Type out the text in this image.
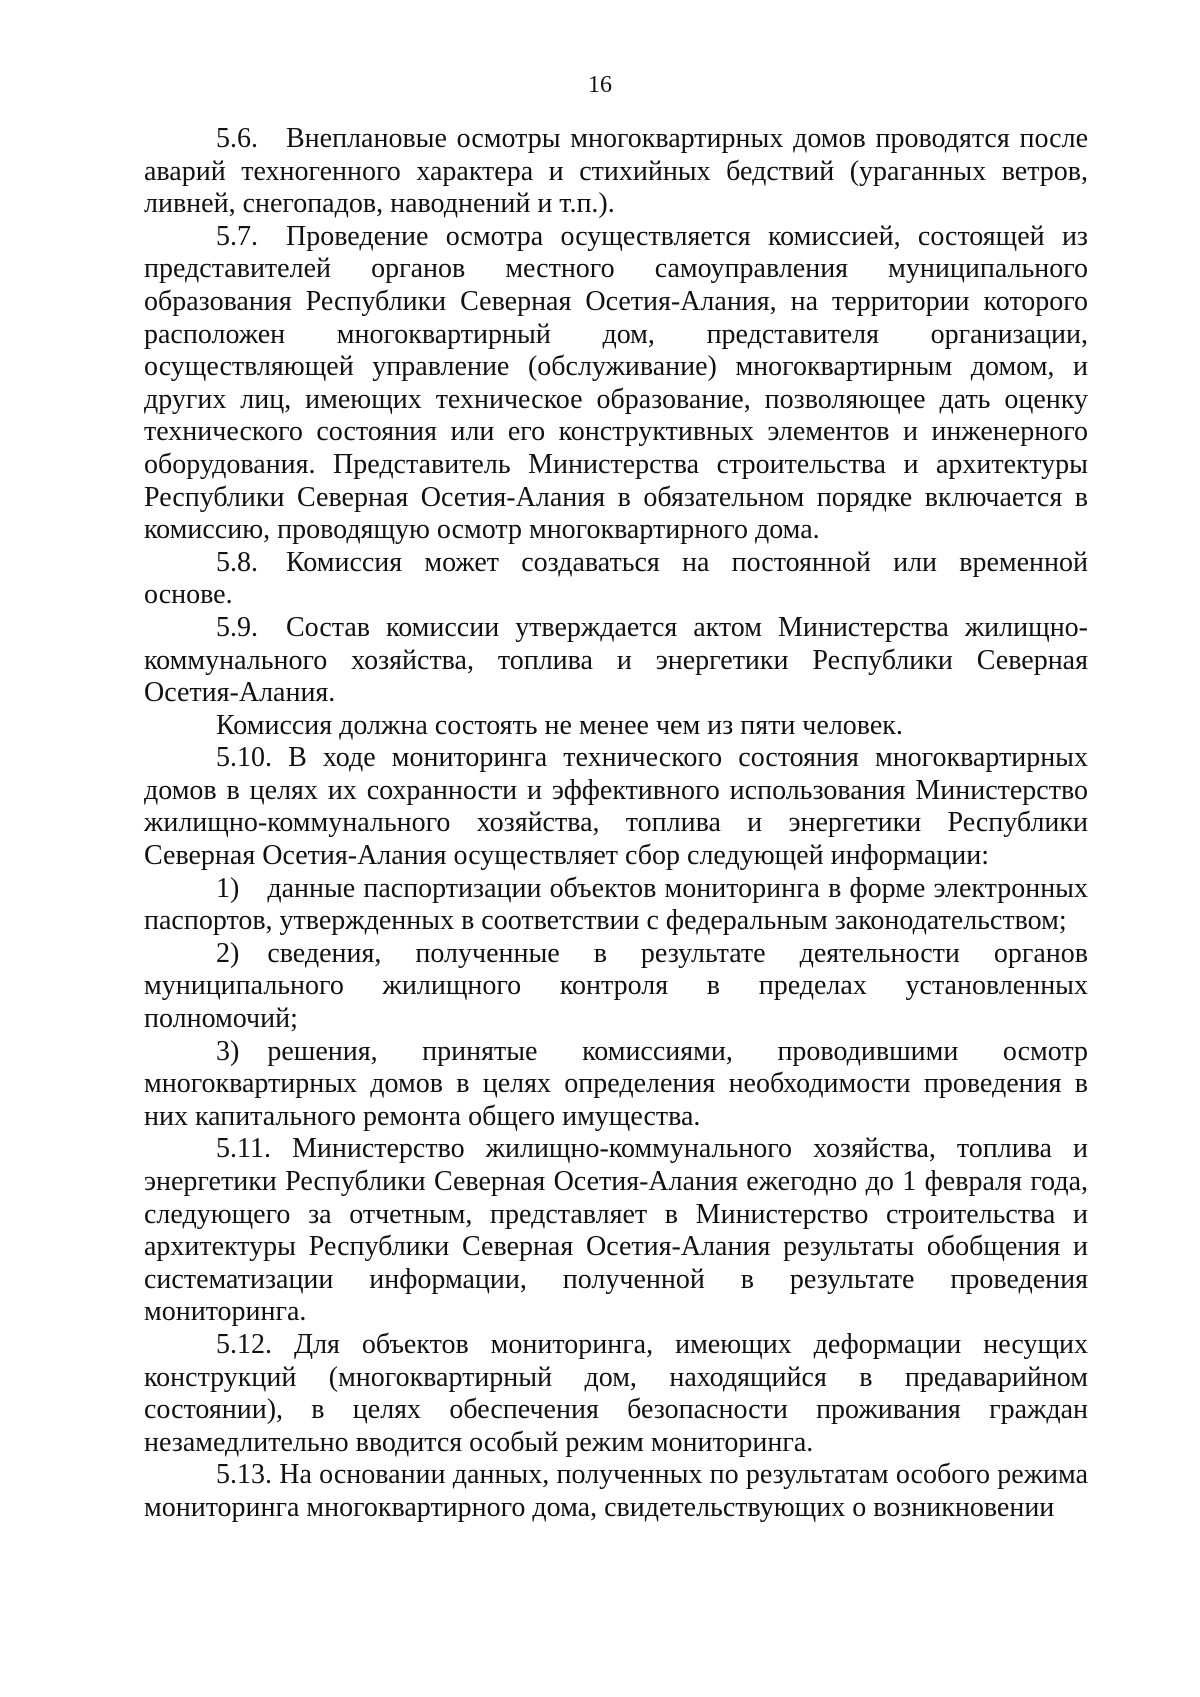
16

5.6. Внеплановые осмотры многоквартирных домов проводятся после аварий техногенного характера и стихийных бедствий (ураганных ветров, ливней, снегопадов, наводнений и т.п.).

5.7. Проведение осмотра осуществляется комиссией, состоящей из представителей органов местного самоуправления муниципального образования Республики Северная Осетия-Алания, на территории которого расположен многоквартирный дом, представителя организации, осуществляющей управление (обслуживание) многоквартирным домом, и других лиц, имеющих техническое образование, позволяющее дать оценку технического состояния или его конструктивных элементов и инженерного оборудования. Представитель Министерства строительства и архитектуры Республики Северная Осетия-Алания в обязательном порядке включается в комиссию, проводящую осмотр многоквартирного дома.

5.8. Комиссия может создаваться на постоянной или временной основе.

5.9. Состав комиссии утверждается актом Министерства жилищно-коммунального хозяйства, топлива и энергетики Республики Северная Осетия-Алания.

Комиссия должна состоять не менее чем из пяти человек.

5.10. В ходе мониторинга технического состояния многоквартирных домов в целях их сохранности и эффективного использования Министерство жилищно-коммунального хозяйства, топлива и энергетики Республики Северная Осетия-Алания осуществляет сбор следующей информации:

1) данные паспортизации объектов мониторинга в форме электронных паспортов, утвержденных в соответствии с федеральным законодательством;

2) сведения, полученные в результате деятельности органов муниципального жилищного контроля в пределах установленных полномочий;

3) решения, принятые комиссиями, проводившими осмотр многоквартирных домов в целях определения необходимости проведения в них капитального ремонта общего имущества.

5.11. Министерство жилищно-коммунального хозяйства, топлива и энергетики Республики Северная Осетия-Алания ежегодно до 1 февраля года, следующего за отчетным, представляет в Министерство строительства и архитектуры Республики Северная Осетия-Алания результаты обобщения и систематизации информации, полученной в результате проведения мониторинга.

5.12. Для объектов мониторинга, имеющих деформации несущих конструкций (многоквартирный дом, находящийся в предаварийном состоянии), в целях обеспечения безопасности проживания граждан незамедлительно вводится особый режим мониторинга.

5.13. На основании данных, полученных по результатам особого режима мониторинга многоквартирного дома, свидетельствующих о возникновении
